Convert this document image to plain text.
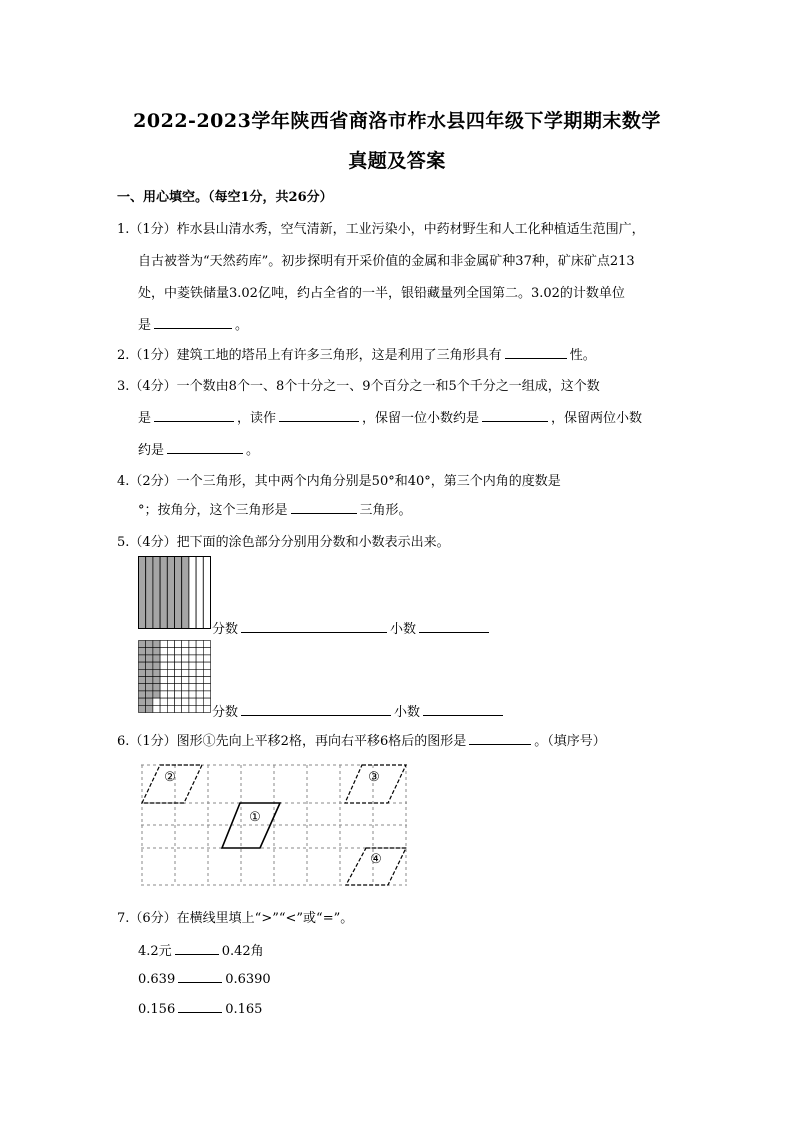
2022-2023学年陕西省商洛市柞水县四年级下学期期末数学
真题及答案
一、用心填空。（每空1分，共26分）
1.（1分）柞水县山清水秀，空气清新，工业污染小，中药材野生和人工化种植适生范围广，
自古被誉为“天然药库”。初步探明有开采价值的金属和非金属矿种37种，矿床矿点213
处，中菱铁储量3.02亿吨，约占全省的一半，银铅藏量列全国第二。3.02的计数单位
是	。
2.（1分）建筑工地的塔吊上有许多三角形，这是利用了三角形具有	性。
3.（4分）一个数由8个一、8个十分之一、9个百分之一和5个千分之一组成，这个数
是	，读作	，保留一位小数约是	，保留两位小数
约是	。
4.（2分）一个三角形，其中两个内角分别是50°和40°，第三个内角的度数是
°；按角分，这个三角形是	三角形。
5.（4分）把下面的涂色部分分别用分数和小数表示出来。
分数	小数
分数	小数
6.（1分）图形①先向上平移2格，再向右平移6格后的图形是	。（填序号）
①
②	③
④
7.（6分）在横线里填上“>”“<”或“=”。
4.2元	0.42角
0.639	0.6390
0.156	0.165
